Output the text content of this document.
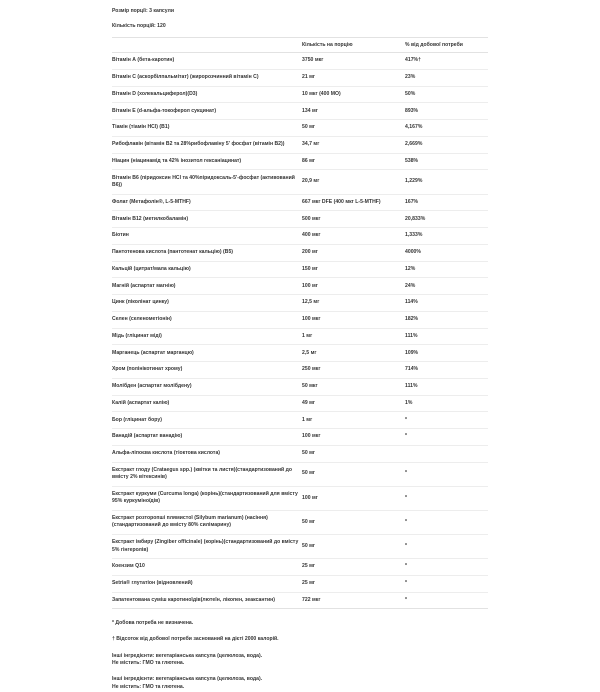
Розмір порції: 3 капсули
Кількість порцій: 120
	Кількість на порцію	% від добової потреби
Вітамін А (бета-каротин)	3750 мкг	417%†
Вітамін C (аскорбілпальмітат) (жиророзчинний вітамін C)	21 мг	23%
Вітамін D (холекальциферол)(D3)	10 мкг (400 МО)	50%
Вітамін Е (d-альфа-токоферол сукцинат)	134 мг	893%
Тіамін (тіамін HCl) (B1)	50 мг	4,167%
Рибофлавін (вітамін B2 та 28%рибофлавіну 5' фосфат (вітамін B2))	34,7 мг	2,669%
Ніацин (ніацинамід та 42% інозитол гексаніацинат)	86 мг	538%
Вітамін B6 (піридоксин HCl та 40%піридоксаль-5'-фосфат (активований B6))	20,9 мг	1,229%
Фолат (Метафолін®, L-5-MTHF)	667 мкг DFE (400 мкг L-5-MTHF)	167%
Вітамін B12 (метилкобаламін)	500 мкг	20,833%
Біотин	400 мкг	1,333%
Пантотенова кислота (пантотенат кальцію) (B5)	200 мг	4000%
Кальцій (цитрат/мала кальцію)	150 мг	12%
Магній (аспартат магнію)	100 мг	24%
Цинк (піколінат цинку)	12,5 мг	114%
Селен (селенометіонін)	100 мкг	182%
Мідь (гліцинат міді)	1 мг	111%
Марганець (аспартат марганцю)	2,5 мг	109%
Хром (полінікотинат хрому)	250 мкг	714%
Молібден (аспартат молібдену)	50 мкг	111%
Калій (аспартат калію)	49 мг	1%
Бор (гліцинат бору)	1 мг	*
Ванадій (аспартат ванадію)	100 мкг	*
Альфа-ліпоєва кислота (тіоктова кислота)	50 мг	
Екстракт глоду (Crataegus spp.) (квітки та листя)(стандартизований до вмісту 2% вітексинів)	50 мг	*
Екстракт куркуми (Curcuma longa) (корінь)(стандартизований для вмісту 95% куркуміноїдів)	100 мг	*
Екстракт розторопші плямистої (Silybum marianum) (насіння)(стандартизований до вмісту 80% силімарину)	50 мг	*
Екстракт імбиру (Zingiber officinale) (корінь)(стандартизований до вмісту 5% гінгеролів)	50 мг	*
Коензим Q10	25 мг	*
Setria® глутатіон (відновлений)	25 мг	*
Запатентована суміш каротиноїдів(лютеїн, лікопен, зеаксантин)	722 мкг	*
* Добова потреба не визначена.
† Відсоток від добової потреби заснований на дієті 2000 калорій.
Інші інгредієнти: вегетаріанська капсула (целюлоза, вода).
Не містить: ГМО та глютена.
Інші інгредієнти: вегетаріанська капсула (целюлоза, вода).
Не містить: ГМО та глютена.
